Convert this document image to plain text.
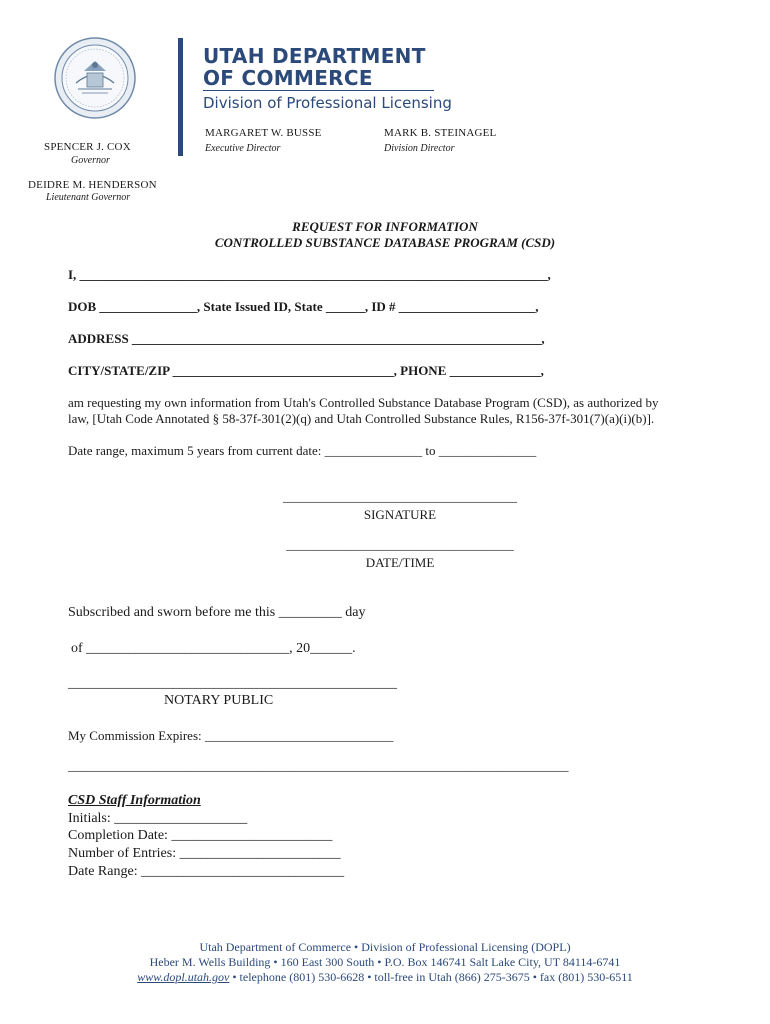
UTAH DEPARTMENT
OF COMMERCE
Division of Professional Licensing
SPENCER J. COX
Governor
DEIDRE M. HENDERSON
Lieutenant Governor
MARGARET W. BUSSE
Executive Director
MARK B. STEINAGEL
Division Director
REQUEST FOR INFORMATION
CONTROLLED SUBSTANCE DATABASE PROGRAM (CSD)
I, ________________________________________________________________________,
DOB _______________, State Issued ID, State ______, ID # _____________________,
ADDRESS _______________________________________________________________,
CITY/STATE/ZIP __________________________________, PHONE ______________,
am requesting my own information from Utah's Controlled Substance Database Program (CSD), as authorized by
law, [Utah Code Annotated § 58-37f-301(2)(q) and Utah Controlled Substance Rules, R156-37f-301(7)(a)(i)(b)].
Date range, maximum 5 years from current date: _______________ to _______________
____________________________________
SIGNATURE
___________________________________
DATE/TIME
Subscribed and sworn before me this _________ day
of _____________________________, 20______.
_______________________________________________
NOTARY PUBLIC
My Commission Expires: _____________________________
_____________________________________________________________________________
CSD Staff Information
Initials: ___________________
Completion Date: _______________________
Number of Entries: _______________________
Date Range: _____________________________
Utah Department of Commerce • Division of Professional Licensing (DOPL)
Heber M. Wells Building • 160 East 300 South • P.O. Box 146741 Salt Lake City, UT 84114-6741
www.dopl.utah.gov • telephone (801) 530-6628 • toll-free in Utah (866) 275-3675 • fax (801) 530-6511
